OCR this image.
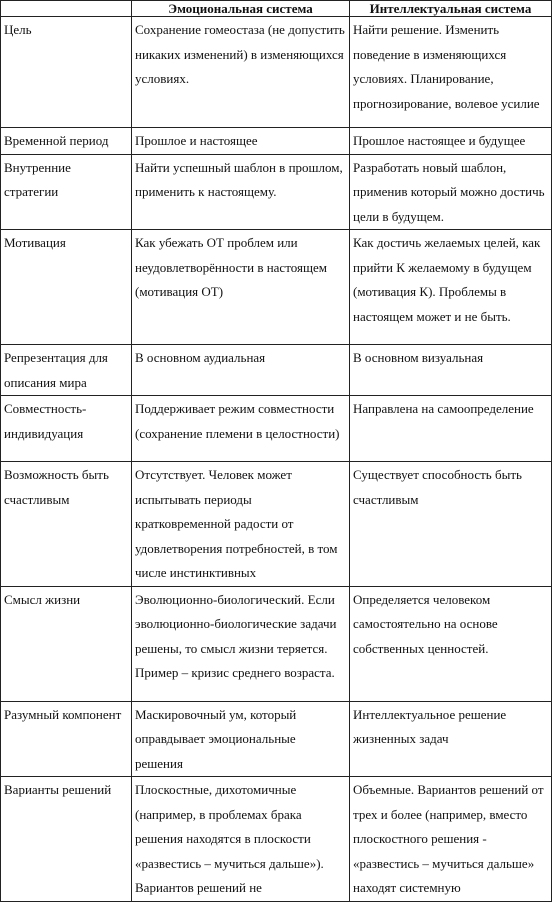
	Эмоциональная система	Интеллектуальная система
Цель	Сохранение гомеостаза (не допустить никаких изменений) в изменяющихся условиях.	Найти решение. Изменить поведение в изменяющихся условиях. Планирование, прогнозирование, волевое усилие
Временной период	Прошлое и настоящее	Прошлое настоящее и будущее
Внутренние стратегии	Найти успешный шаблон в прошлом, применить к настоящему.	Разработать новый шаблон, применив который можно достичь цели в будущем.
Мотивация	Как убежать ОТ проблем или неудовлетворённости в настоящем (мотивация ОТ)	Как достичь желаемых целей, как прийти К желаемому в будущем (мотивация К). Проблемы в настоящем может и не быть.
Репрезентация для описания мира	В основном аудиальная	В основном визуальная
Совместность-индивидуация	Поддерживает режим совместности (сохранение племени в целостности)	Направлена на самоопределение
Возможность быть счастливым	Отсутствует. Человек может испытывать периоды кратковременной радости от удовлетворения потребностей, в том числе инстинктивных	Существует способность быть счастливым
Смысл жизни	Эволюционно-биологический. Если эволюционно-биологические задачи решены, то смысл жизни теряется. Пример – кризис среднего возраста.	Определяется человеком самостоятельно на основе собственных ценностей.
Разумный компонент	Маскировочный ум, который оправдывает эмоциональные решения	Интеллектуальное решение жизненных задач
Варианты решений	Плоскостные, дихотомичные (например, в проблемах брака решения находятся в плоскости «развестись – мучиться дальше»). Вариантов решений не	Объемные. Вариантов решений от трех и более (например, вместо плоскостного решения - «развестись – мучиться дальше» находят системную
